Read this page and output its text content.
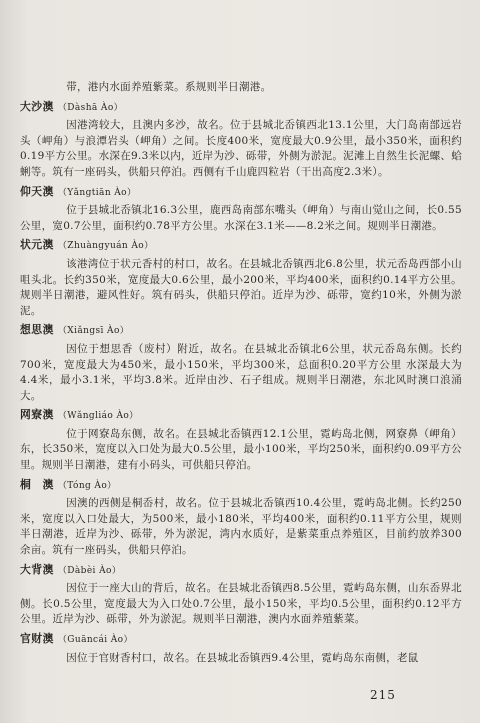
带，港内水面养殖紫菜。系规则半日潮港。

大沙澳 （Dàshā Ào）

因港湾较大，且澳内多沙，故名。位于县城北岙镇西北13.1公里，大门岛南部远岩头（岬角）与浪潭岩头（岬角）之间。长度400米，宽度最大0.9公里，最小350米，面积约0.19平方公里。水深在9.3米以内，近岸为沙、砾带，外侧为淤泥。泥滩上自然生长泥螺、蛤蜊等。筑有一座码头，供船只停泊。西侧有千山鹿四粒岩（干出高度2.3米）。

仰天澳 （Yǎngtiān Ào）

位于县城北岙镇北16.3公里，鹿西岛南部东嘴头（岬角）与南山觉山之间，长0.55公里，宽0.7公里，面积约0.78平方公里。水深在3.1米——8.2米之间。规则半日潮港。

状元澳 （Zhuàngyuán Ào）

该港湾位于状元香村的村口，故名。在县城北岙镇西北6.8公里，状元岙岛西部小山咀头北。长约350米，宽度最大0.6公里，最小200米，平均400米，面积约0.14平方公里。规则半日潮港，避风性好。筑有码头，供船只停泊。近岸为沙、砾带，宽约10米，外侧为淤泥。

想思澳 （Xiǎngsī Ào）

因位于想思香（废村）附近，故名。在县城北岙镇北6公里，状元岙岛东侧。长约700米，宽度最大为450米，最小150米，平均300米，总面积0.20平方公里 水深最大为4.4米，最小3.1米，平均3.8米。近岸由沙、石子组成。规则半日潮港，东北风时澳口浪涌大。

网寮澳 （Wǎngliáo Ào）

位于网寮岛东侧，故名。在县城北岙镇西12.1公里，霓屿岛北侧，网寮鼻（岬角）东，长350米，宽度以入口处为最大0.5公里，最小100米，平均250米，面积约0.09平方公里。规则半日潮港，建有小码头，可供船只停泊。

桐　澳 （Tóng Ào）

因澳的西侧是桐岙村，故名。位于县城北岙镇西10.4公里，霓屿岛北侧。长约250米，宽度以入口处最大，为500米，最小180米，平均400米，面积约0.11平方公里，规则半日潮港，近岸为沙、砾带，外为淤泥，湾内水质好，是紫菜重点养殖区，目前约放养300余亩。筑有一座码头，供船只停泊。

大背澳 （Dàbèi Ào）

因位于一座大山的背后，故名。在县城北岙镇西8.5公里，霓屿岛东侧，山东岙界北侧。长0.5公里，宽度最大为入口处0.7公里，最小150米，平均0.5公里，面积约0.12平方公里。近岸为沙、砾带，外为淤泥。规则半日潮港，澳内水面养殖紫菜。

官财澳 （Guāncái Ào）

因位于官财香村口，故名。在县城北岙镇西9.4公里，霓屿岛东南侧，老鼠

215
